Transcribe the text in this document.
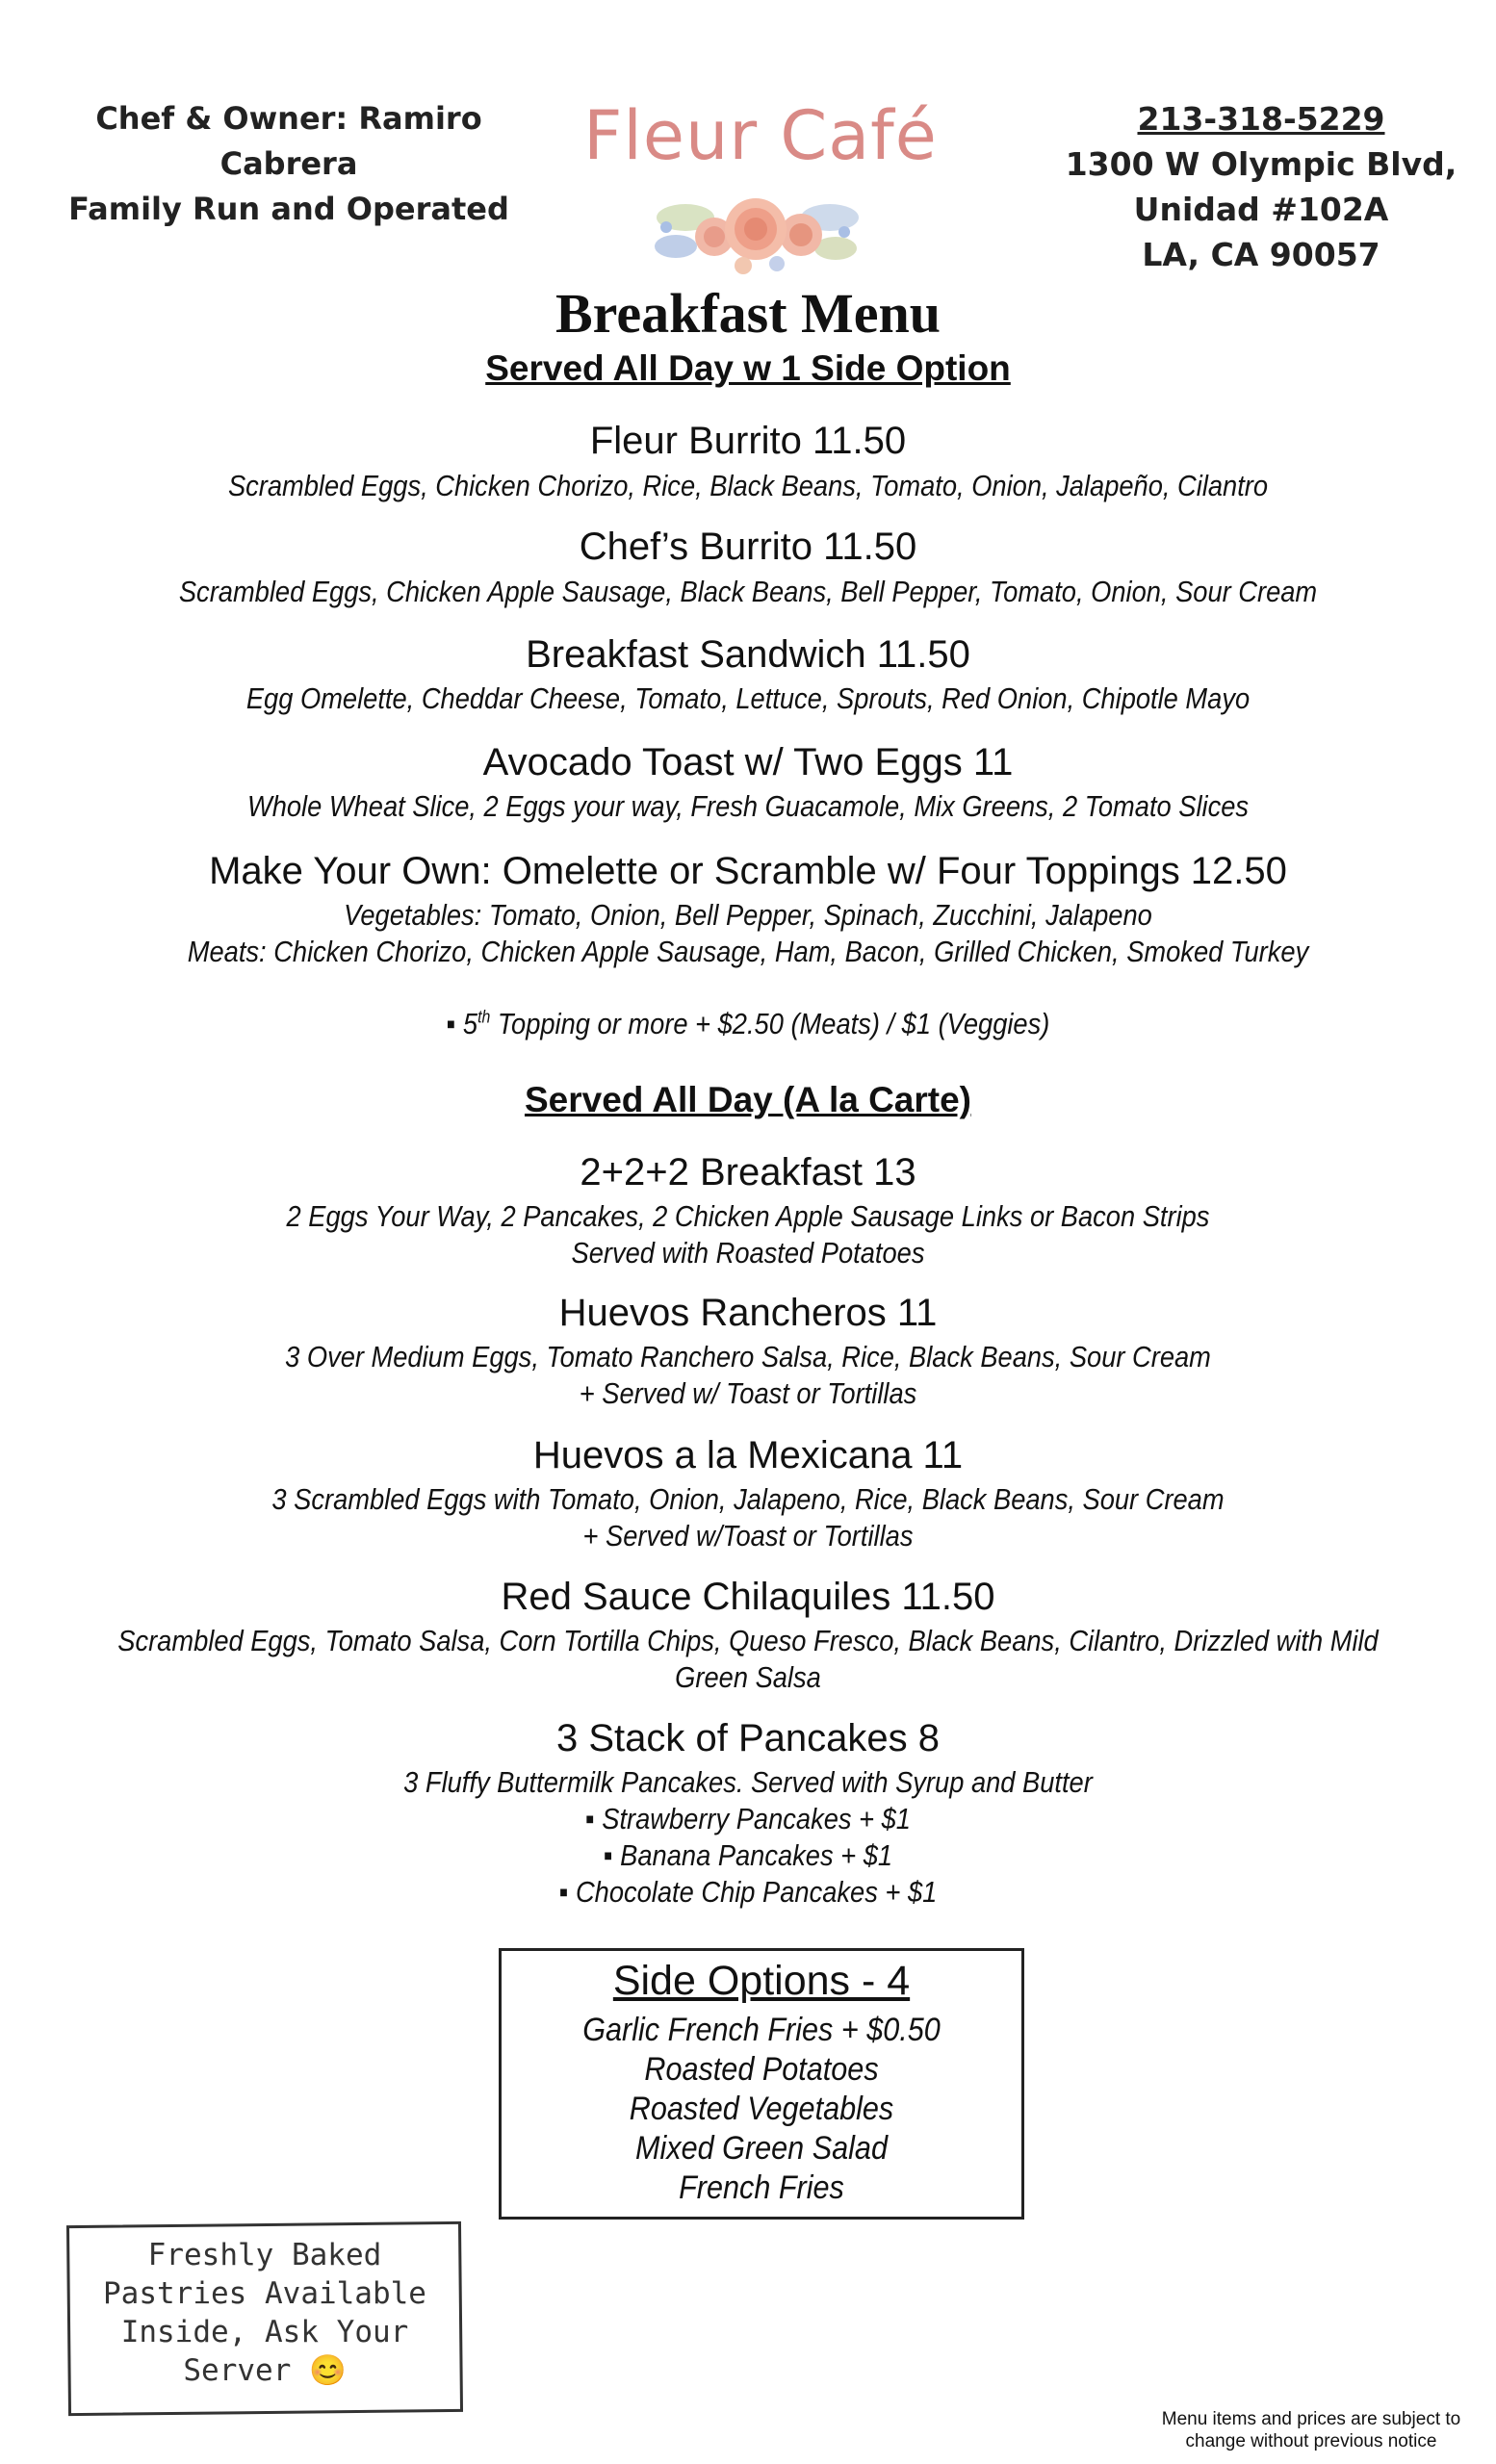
Chef & Owner: Ramiro Cabrera
Family Run and Operated
Fleur Café	213-318-5229
1300 W Olympic Blvd,
Unidad #102A
LA, CA 90057
Breakfast Menu
Served All Day w 1 Side Option
Fleur Burrito 11.50
Scrambled Eggs, Chicken Chorizo, Rice, Black Beans, Tomato, Onion, Jalapeño, Cilantro
Chef’s Burrito 11.50
Scrambled Eggs, Chicken Apple Sausage, Black Beans, Bell Pepper, Tomato, Onion, Sour Cream
Breakfast Sandwich 11.50
Egg Omelette, Cheddar Cheese, Tomato, Lettuce, Sprouts, Red Onion, Chipotle Mayo
Avocado Toast w/ Two Eggs 11
Whole Wheat Slice, 2 Eggs your way, Fresh Guacamole, Mix Greens, 2 Tomato Slices
Make Your Own: Omelette or Scramble w/ Four Toppings 12.50
Vegetables: Tomato, Onion, Bell Pepper, Spinach, Zucchini, Jalapeno
Meats: Chicken Chorizo, Chicken Apple Sausage, Ham, Bacon, Grilled Chicken, Smoked Turkey
▪ 5th Topping or more + $2.50 (Meats) / $1 (Veggies)
Served All Day (A la Carte)
2+2+2 Breakfast 13
2 Eggs Your Way, 2 Pancakes, 2 Chicken Apple Sausage Links or Bacon Strips
Served with Roasted Potatoes
Huevos Rancheros 11
3 Over Medium Eggs, Tomato Ranchero Salsa, Rice, Black Beans, Sour Cream
+ Served w/ Toast or Tortillas
Huevos a la Mexicana 11
3 Scrambled Eggs with Tomato, Onion, Jalapeno, Rice, Black Beans, Sour Cream
+ Served w/Toast or Tortillas
Red Sauce Chilaquiles 11.50
Scrambled Eggs, Tomato Salsa, Corn Tortilla Chips, Queso Fresco, Black Beans, Cilantro, Drizzled with Mild
Green Salsa
3 Stack of Pancakes 8
3 Fluffy Buttermilk Pancakes. Served with Syrup and Butter
▪ Strawberry Pancakes + $1
▪ Banana Pancakes + $1
▪ Chocolate Chip Pancakes + $1
Side Options - 4
Garlic French Fries + $0.50
Roasted Potatoes
Roasted Vegetables
Mixed Green Salad
French Fries
Freshly Baked
Pastries Available
Inside, Ask Your
Server 😊
Menu items and prices are subject to
change without previous notice
